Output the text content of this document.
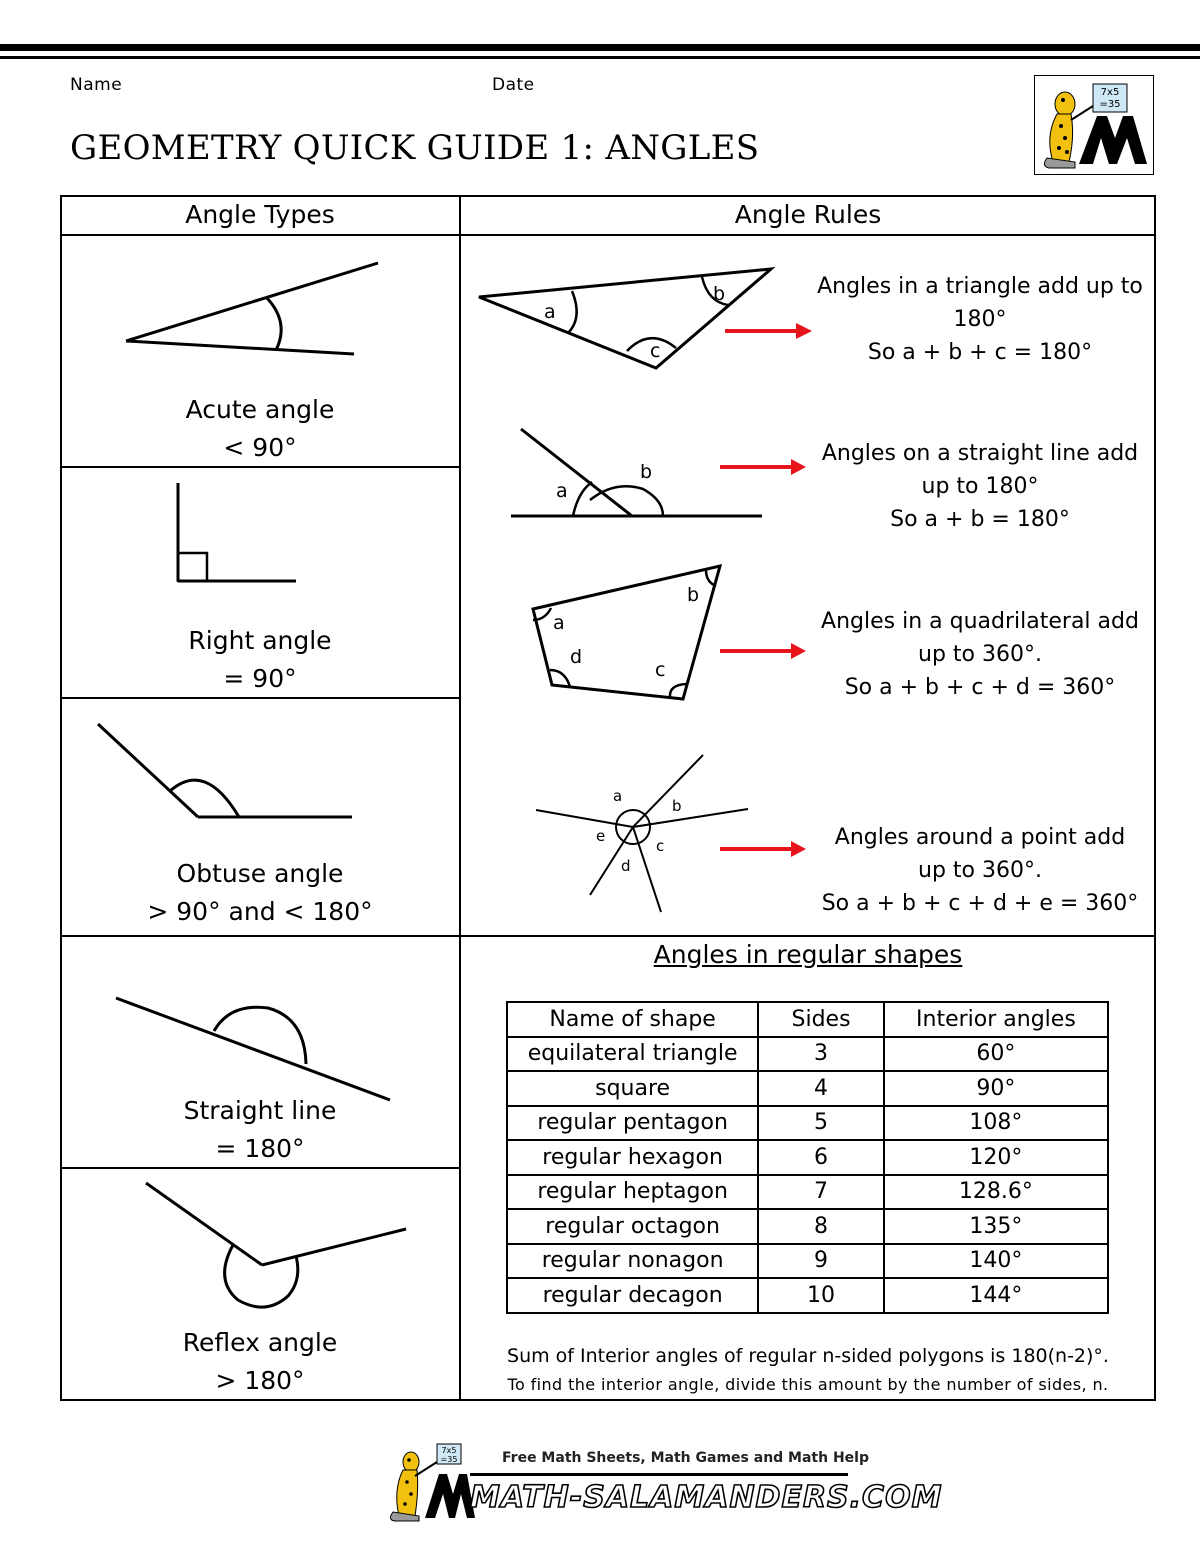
Name	Date
GEOMETRY QUICK GUIDE 1: ANGLES
7x5
=35
Angle Types	Angle Rules
Acute angle
< 90°
Right angle
= 90°
Obtuse angle
> 90° and < 180°
Straight line
= 180°
Reflex angle
> 180°
Angles in a triangle add up to
180°
So a + b + c = 180°
Angles on a straight line add
up to 180°
So a + b = 180°
Angles in a quadrilateral add
up to 360°.
So a + b + c + d = 360°
Angles around a point add
up to 360°.
So a + b + c + d + e = 360°
a
b
c
a
b
a
b
c
d
a
b
c
d
e
Angles in regular shapes
Name of shape	Sides	Interior angles
equilateral triangle	3	60°
square	4	90°
regular pentagon	5	108°
regular hexagon	6	120°
regular heptagon	7	128.6°
regular octagon	8	135°
regular nonagon	9	140°
regular decagon	10	144°
Sum of Interior angles of regular n-sided polygons is 180(n-2)°.
To find the interior angle, divide this amount by the number of sides, n.
7x5
=35	Free Math Sheets, Math Games and Math Help
MATH-SALAMANDERS.COM
